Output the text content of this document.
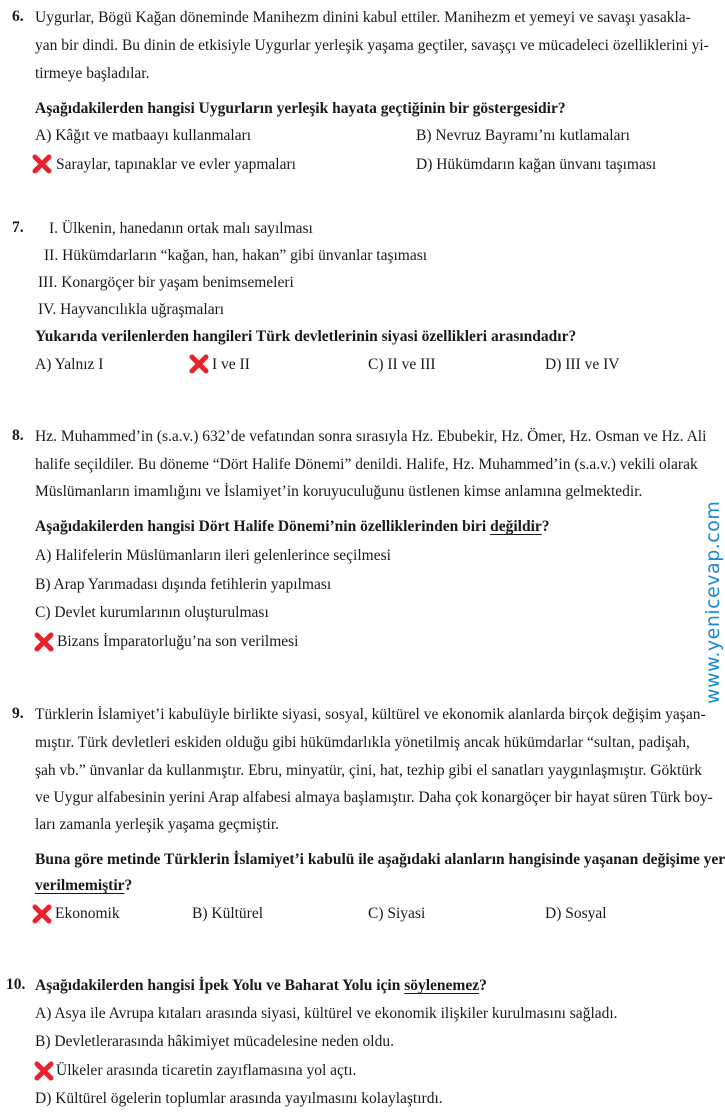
6. Uygurlar, Bögü Kağan döneminde Manihezm dinini kabul ettiler. Manihezm et yemeyi ve savaşı yasakla-
yan bir dindi. Bu dinin de etkisiyle Uygurlar yerleşik yaşama geçtiler, savaşçı ve mücadeleci özelliklerini yi-
tirmeye başladılar.
Aşağıdakilerden hangisi Uygurların yerleşik hayata geçtiğinin bir göstergesidir?
A) Kâğıt ve matbaayı kullanmaları	B) Nevruz Bayramı’nı kutlamaları
Saraylar, tapınaklar ve evler yapmaları	D) Hükümdarın kağan ünvanı taşıması
7. I. Ülkenin, hanedanın ortak malı sayılması
II. Hükümdarların “kağan, han, hakan” gibi ünvanlar taşıması
III. Konargöçer bir yaşam benimsemeleri
IV. Hayvancılıkla uğraşmaları
Yukarıda verilenlerden hangileri Türk devletlerinin siyasi özellikleri arasındadır?
A) Yalnız I	I ve II	C) II ve III	D) III ve IV
8. Hz. Muhammed’in (s.a.v.) 632’de vefatından sonra sırasıyla Hz. Ebubekir, Hz. Ömer, Hz. Osman ve Hz. Ali
halife seçildiler. Bu döneme “Dört Halife Dönemi” denildi. Halife, Hz. Muhammed’in (s.a.v.) vekili olarak
Müslümanların imamlığını ve İslamiyet’in koruyuculuğunu üstlenen kimse anlamına gelmektedir.
Aşağıdakilerden hangisi Dört Halife Dönemi’nin özelliklerinden biri değildir?
A) Halifelerin Müslümanların ileri gelenlerince seçilmesi
B) Arap Yarımadası dışında fetihlerin yapılması
C) Devlet kurumlarının oluşturulması
Bizans İmparatorluğu’na son verilmesi	www.yenicevap.com
9. Türklerin İslamiyet’i kabulüyle birlikte siyasi, sosyal, kültürel ve ekonomik alanlarda birçok değişim yaşan-
mıştır. Türk devletleri eskiden olduğu gibi hükümdarlıkla yönetilmiş ancak hükümdarlar “sultan, padişah,
şah vb.” ünvanlar da kullanmıştır. Ebru, minyatür, çini, hat, tezhip gibi el sanatları yaygınlaşmıştır. Göktürk
ve Uygur alfabesinin yerini Arap alfabesi almaya başlamıştır. Daha çok konargöçer bir hayat süren Türk boy-
ları zamanla yerleşik yaşama geçmiştir.
Buna göre metinde Türklerin İslamiyet’i kabulü ile aşağıdaki alanların hangisinde yaşanan değişime yer
verilmemiştir?
Ekonomik	B) Kültürel	C) Siyasi	D) Sosyal
10. Aşağıdakilerden hangisi İpek Yolu ve Baharat Yolu için söylenemez?
A) Asya ile Avrupa kıtaları arasında siyasi, kültürel ve ekonomik ilişkiler kurulmasını sağladı.
B) Devletlerarasında hâkimiyet mücadelesine neden oldu.
Ülkeler arasında ticaretin zayıflamasına yol açtı.
D) Kültürel ögelerin toplumlar arasında yayılmasını kolaylaştırdı.
